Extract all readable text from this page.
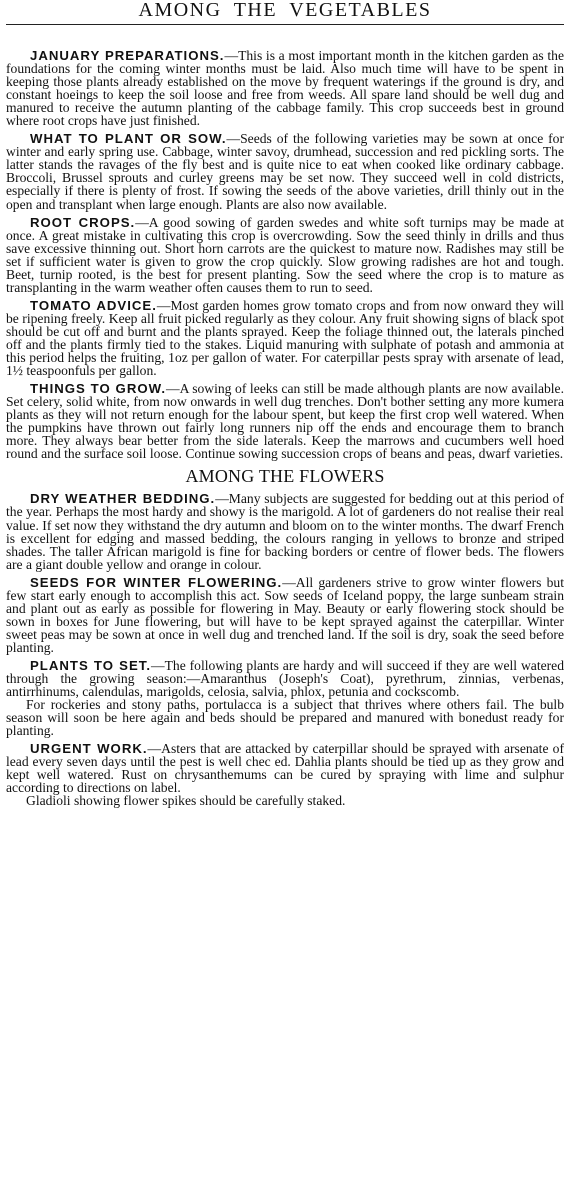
AMONG THE VEGETABLES

JANUARY PREPARATIONS.—This is a most important month in the kitchen garden as the foundations for the coming winter months must be laid. Also much time will have to be spent in keeping those plants already established on the move by frequent waterings if the ground is dry, and constant hoeings to keep the soil loose and free from weeds. All spare land should be well dug and manured to receive the autumn planting of the cabbage family. This crop succeeds best in ground where root crops have just finished.

WHAT TO PLANT OR SOW.—Seeds of the following varieties may be sown at once for winter and early spring use. Cabbage, winter savoy, drumhead, succession and red pickling sorts. The latter stands the ravages of the fly best and is quite nice to eat when cooked like ordinary cabbage. Broccoli, Brussel sprouts and curley greens may be set now. They succeed well in cold districts, especially if there is plenty of frost. If sowing the seeds of the above varieties, drill thinly out in the open and transplant when large enough. Plants are also now available.

ROOT CROPS.—A good sowing of garden swedes and white soft turnips may be made at once. A great mistake in cultivating this crop is overcrowding. Sow the seed thinly in drills and thus save excessive thinning out. Short horn carrots are the quickest to mature now. Radishes may still be set if sufficient water is given to grow the crop quickly. Slow growing radishes are hot and tough. Beet, turnip rooted, is the best for present planting. Sow the seed where the crop is to mature as transplanting in the warm weather often causes them to run to seed.

TOMATO ADVICE.—Most garden homes grow tomato crops and from now onward they will be ripening freely. Keep all fruit picked regularly as they colour. Any fruit showing signs of black spot should be cut off and burnt and the plants sprayed. Keep the foliage thinned out, the laterals pinched off and the plants firmly tied to the stakes. Liquid manuring with sulphate of potash and ammonia at this period helps the fruiting, 1oz per gallon of water. For caterpillar pests spray with arsenate of lead, 1½ teaspoonfuls per gallon.

THINGS TO GROW.—A sowing of leeks can still be made although plants are now available. Set celery, solid white, from now onwards in well dug trenches. Don't bother setting any more kumera plants as they will not return enough for the labour spent, but keep the first crop well watered. When the pumpkins have thrown out fairly long runners nip off the ends and encourage them to branch more. They always bear better from the side laterals. Keep the marrows and cucumbers well hoed round and the surface soil loose. Continue sowing succession crops of beans and peas, dwarf varieties.

AMONG THE FLOWERS

DRY WEATHER BEDDING.—Many subjects are suggested for bedding out at this period of the year. Perhaps the most hardy and showy is the marigold. A lot of gardeners do not realise their real value. If set now they withstand the dry autumn and bloom on to the winter months. The dwarf French is excellent for edging and massed bedding, the colours ranging in yellows to bronze and striped shades. The taller African marigold is fine for backing borders or centre of flower beds. The flowers are a giant double yellow and orange in colour.

SEEDS FOR WINTER FLOWERING.—All gardeners strive to grow winter flowers but few start early enough to accomplish this act. Sow seeds of Iceland poppy, the large sunbeam strain and plant out as early as possible for flowering in May. Beauty or early flowering stock should be sown in boxes for June flowering, but will have to be kept sprayed against the caterpillar. Winter sweet peas may be sown at once in well dug and trenched land. If the soil is dry, soak the seed before planting.

PLANTS TO SET.—The following plants are hardy and will succeed if they are well watered through the growing season:—Amaranthus (Joseph's Coat), pyrethrum, zinnias, verbenas, antirrhinums, calendulas, marigolds, celosia, salvia, phlox, petunia and cockscomb.

For rockeries and stony paths, portulacca is a subject that thrives where others fail. The bulb season will soon be here again and beds should be prepared and manured with bonedust ready for planting.

URGENT WORK.—Asters that are attacked by caterpillar should be sprayed with arsenate of lead every seven days until the pest is well chec ed. Dahlia plants should be tied up as they grow and kept well watered. Rust on chrysanthemums can be cured by spraying with lime and sulphur according to directions on label.

Gladioli showing flower spikes should be carefully staked.
